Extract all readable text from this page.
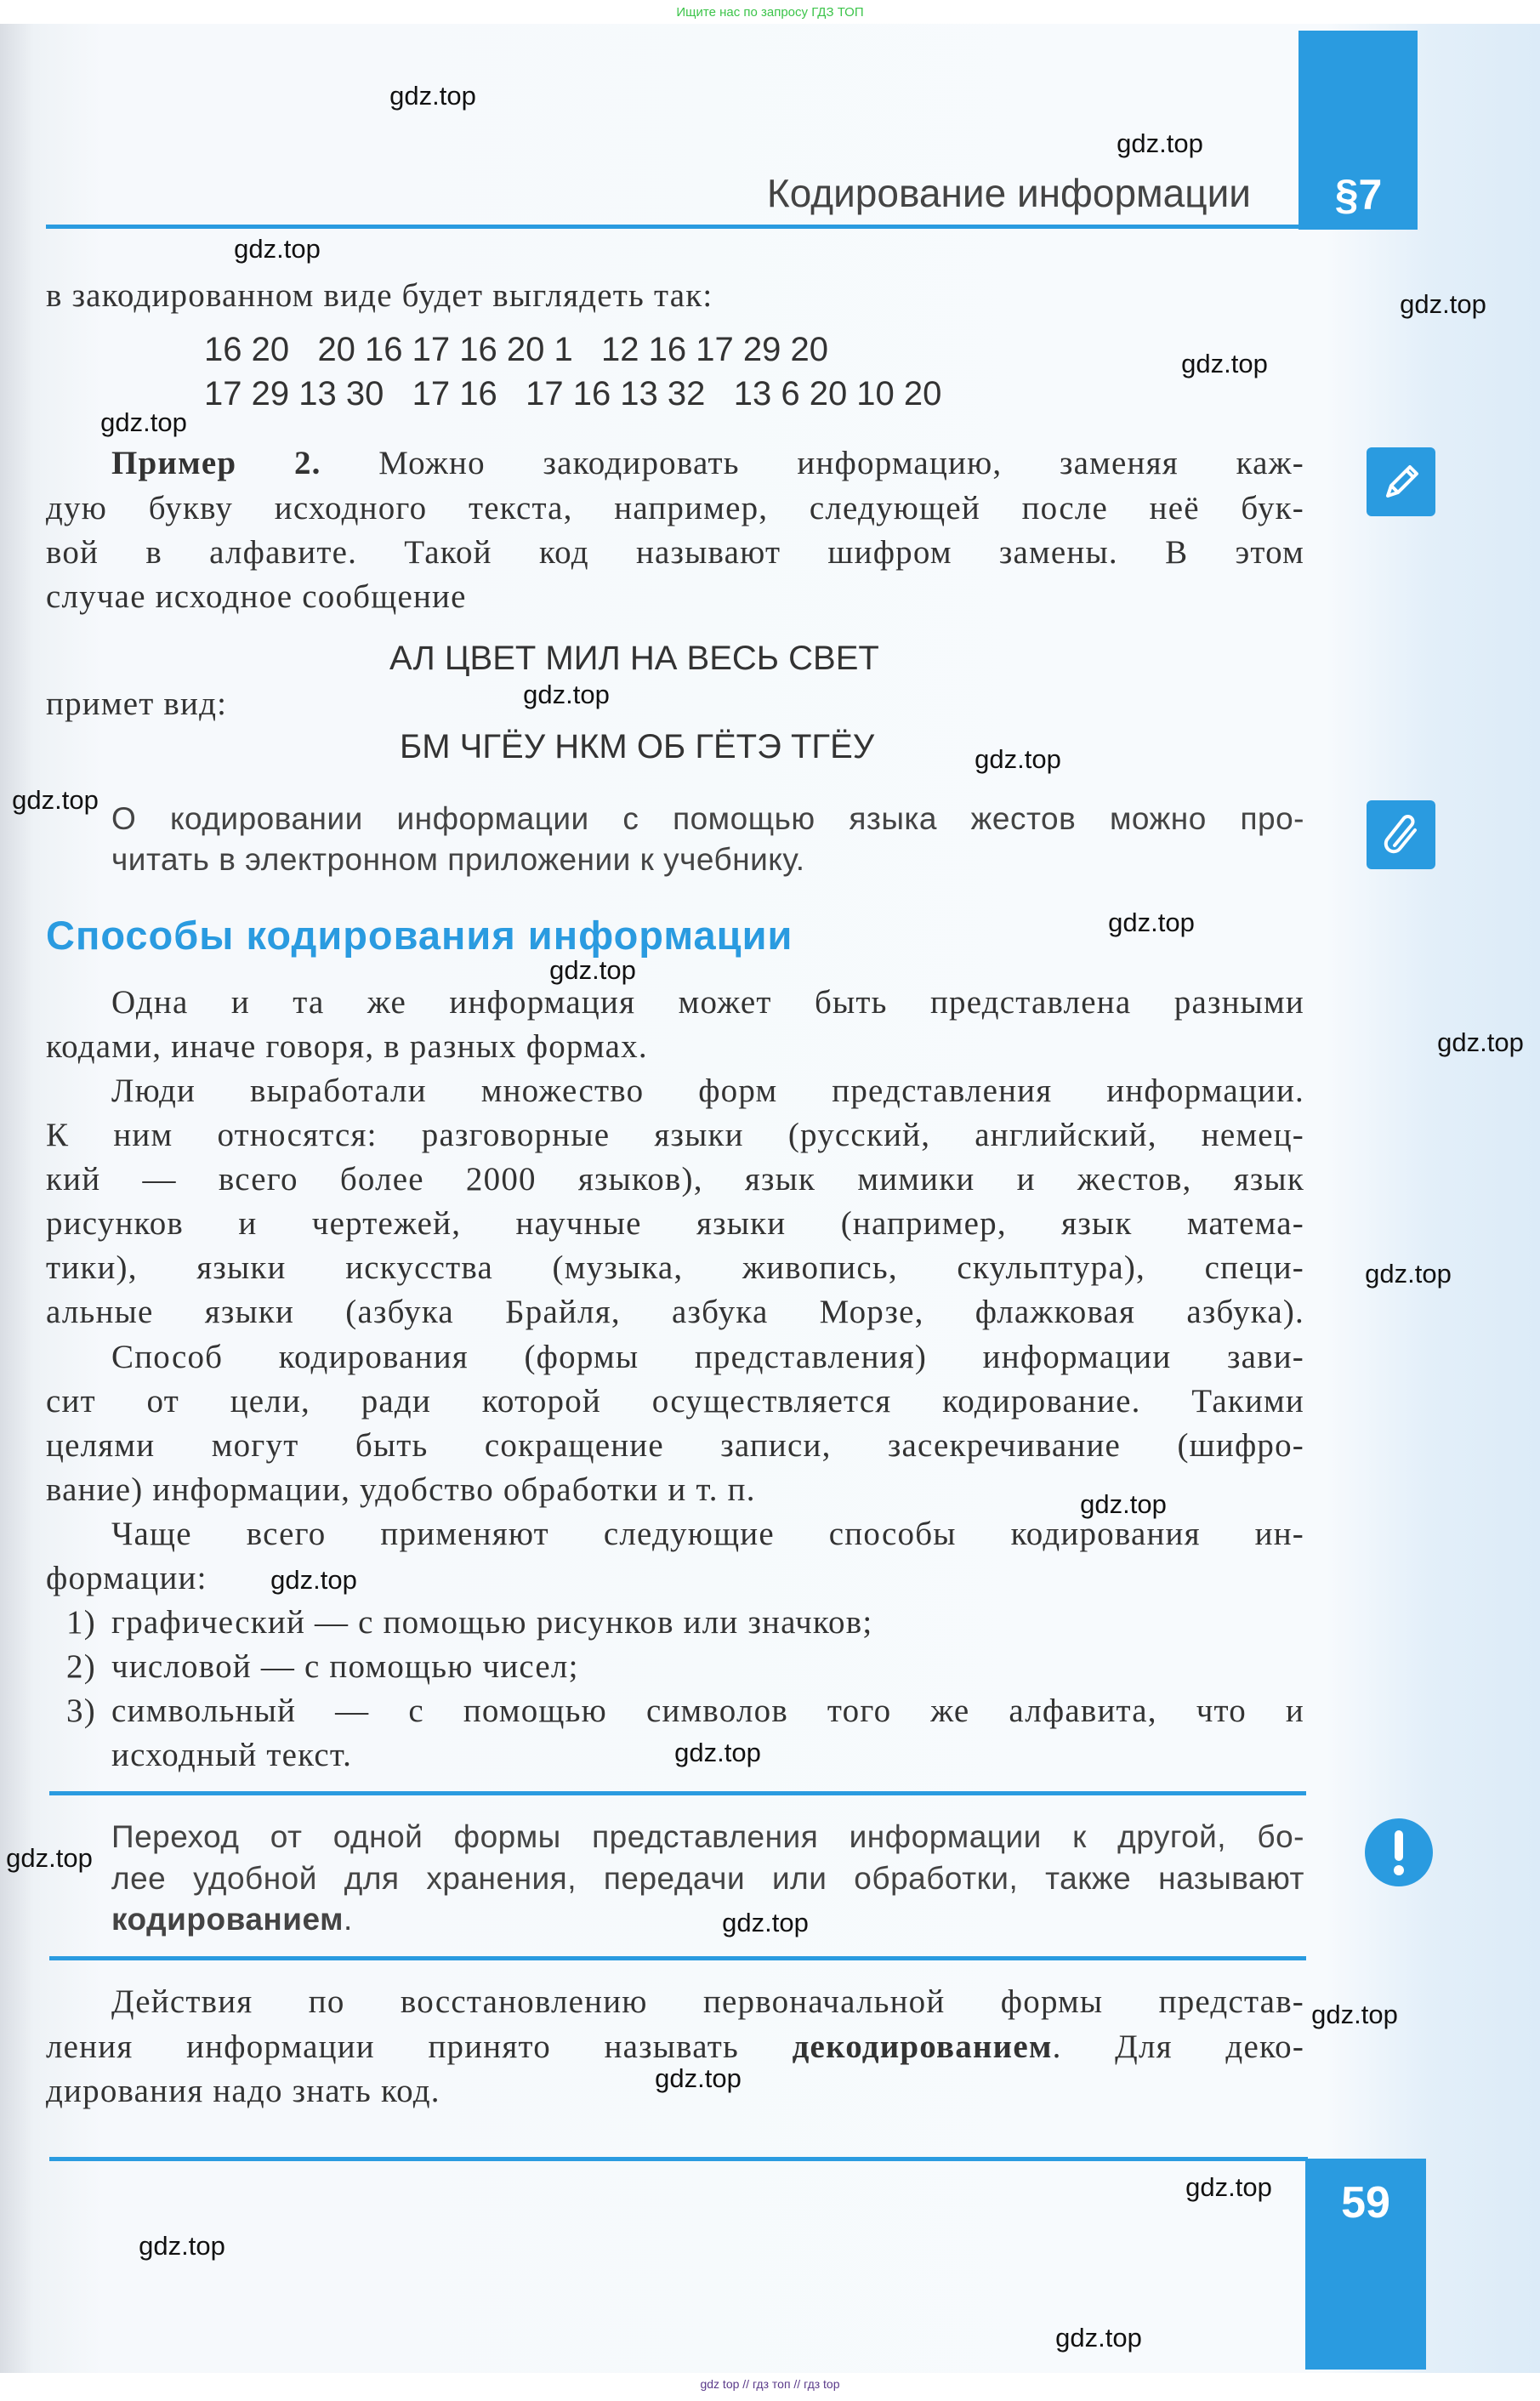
Ищите нас по запросу ГДЗ ТОП
§7
Кодирование информации
в закодированном виде будет выглядеть так:
16 20   20 16 17 16 20 1   12 16 17 29 20
17 29 13 30   17 16   17 16 13 32   13 6 20 10 20
Пример 2. Можно закодировать информацию, заменяя каж-
дую букву исходного текста, например, следующей после неё бук-
вой в алфавите. Такой код называют шифром замены. В этом
случае исходное сообщение
АЛ ЦВЕТ МИЛ НА ВЕСЬ СВЕТ
примет вид:
БМ ЧГЁУ НКМ ОБ ГЁТЭ ТГЁУ
О кодировании информации с помощью языка жестов можно про-
читать в электронном приложении к учебнику.
Способы кодирования информации
Одна и та же информация может быть представлена разными
кодами, иначе говоря, в разных формах.
Люди выработали множество форм представления информации.
К ним относятся: разговорные языки (русский, английский, немец-
кий — всего более 2000 языков), язык мимики и жестов, язык
рисунков и чертежей, научные языки (например, язык матема-
тики), языки искусства (музыка, живопись, скульптура), специ-
альные языки (азбука Брайля, азбука Морзе, флажковая азбука).
Способ кодирования (формы представления) информации зави-
сит от цели, ради которой осуществляется кодирование. Такими
целями могут быть сокращение записи, засекречивание (шифро-
вание) информации, удобство обработки и т. п.
Чаще всего применяют следующие способы кодирования ин-
формации:
1) графический — с помощью рисунков или значков;
2) числовой — с помощью чисел;
3) символьный — с помощью символов того же алфавита, что и
исходный текст.
Переход от одной формы представления информации к другой, бо-
лее удобной для хранения, передачи или обработки, также называют
кодированием.
Действия по восстановлению первоначальной формы представ-
ления информации принято называть декодированием. Для деко-
дирования надо знать код.
59
gdz.top
gdz.top
gdz.top
gdz.top
gdz.top
gdz.top
gdz.top
gdz.top
gdz.top
gdz.top
gdz.top
gdz.top
gdz.top
gdz.top
gdz.top
gdz.top
gdz.top
gdz.top
gdz.top
gdz.top
gdz.top
gdz.top
gdz.top
gdz top // гдз топ // гдз top
